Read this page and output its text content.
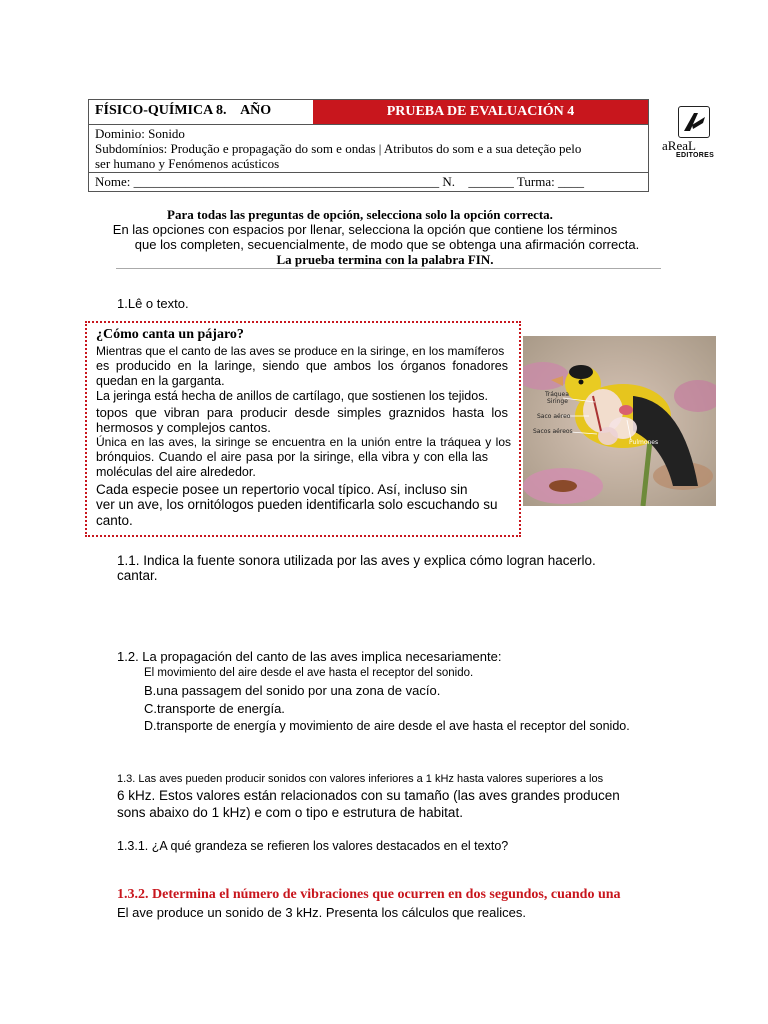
FÍSICO-QUÍMICA 8.  AÑO	PRUEBA DE EVALUACIÓN 4
Dominio: Sonido
Subdomínios: Produção e propagação do som e ondas | Atributos do som e a sua deteção pelo
ser humano y Fenómenos acústicos
Nome: _______________________________________________ N.  _______ Turma: ____
aReaL
EDITORES
Para todas las preguntas de opción, selecciona solo la opción correcta.
En las opciones con espacios por llenar, selecciona la opción que contiene los términos
que los completen, secuencialmente, de modo que se obtenga una afirmación correcta.
La prueba termina con la palabra FIN.
1.Lê o texto.
¿Cómo canta un pájaro?
Mientras que el canto de las aves se produce en la siringe, en los mamíferos
es producido en la laringe, siendo que ambos los órganos fonadores
quedan en la garganta.
La jeringa está hecha de anillos de cartílago, que sostienen los tejidos.
topos que vibran para producir desde simples graznidos hasta los
hermosos y complejos cantos.
Única en las aves, la siringe se encuentra en la unión entre la tráquea y los
brónquios. Cuando el aire pasa por la siringe, ella vibra y con ella las
moléculas del aire alrededor.
Cada especie posee un repertorio vocal típico. Así, incluso sin
ver un ave, los ornitólogos pueden identificarla solo escuchando su
canto.
Tráquea
Siringe
Saco aéreo
Sacos aéreos
Pulmones
1.1. Indica la fuente sonora utilizada por las aves y explica cómo logran hacerlo.
cantar.
1.2. La propagación del canto de las aves implica necesariamente:
El movimiento del aire desde el ave hasta el receptor del sonido.
B.una passagem del sonido por una zona de vacío.
C.transporte de energía.
D.transporte de energía y movimiento de aire desde el ave hasta el receptor del sonido.
1.3. Las aves pueden producir sonidos con valores inferiores a 1 kHz hasta valores superiores a los
6 kHz. Estos valores están relacionados con su tamaño (las aves grandes producen
sons abaixo do 1 kHz) e com o tipo e estrutura de habitat.
1.3.1. ¿A qué grandeza se refieren los valores destacados en el texto?
1.3.2. Determina el número de vibraciones que ocurren en dos segundos, cuando una
El ave produce un sonido de 3 kHz. Presenta los cálculos que realices.
